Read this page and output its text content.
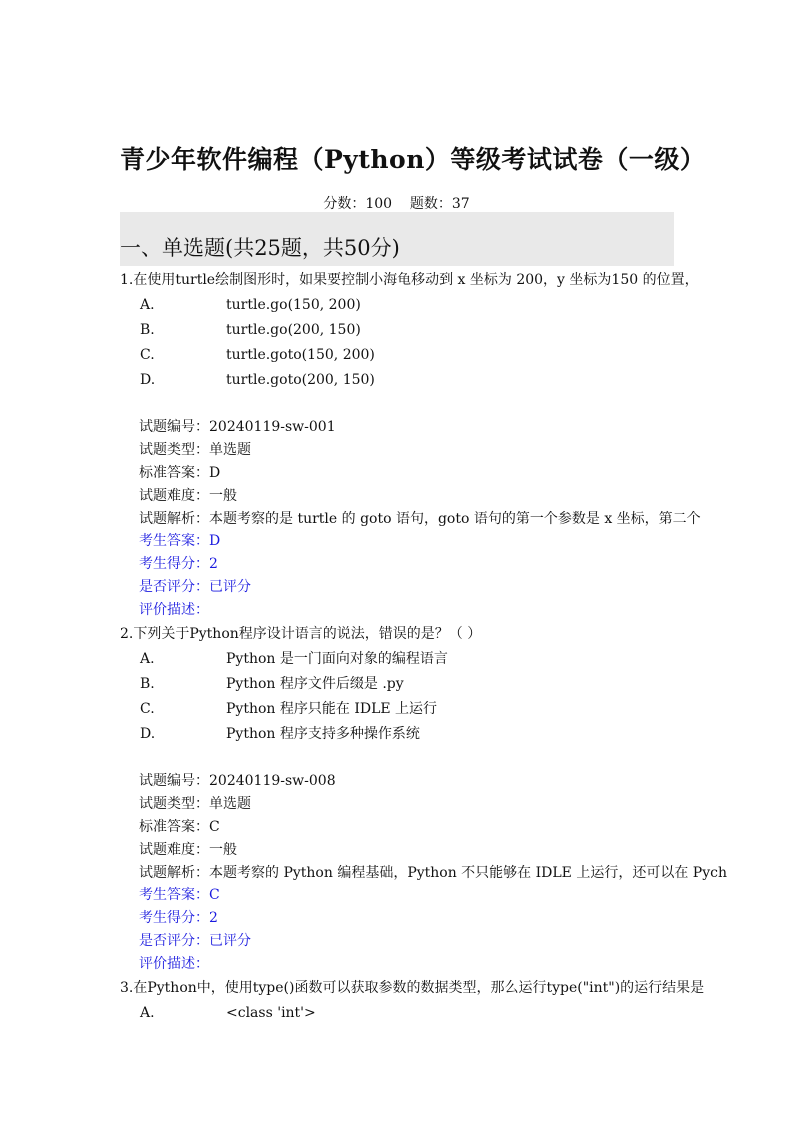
青少年软件编程（Python）等级考试试卷（一级）
分数：100    题数：37
一、单选题(共25题，共50分)
1.在使用turtle绘制图形时，如果要控制小海龟移动到 x 坐标为 200，y 坐标为150 的位置，
A.	turtle.go(150, 200)
B.	turtle.go(200, 150)
C.	turtle.goto(150, 200)
D.	turtle.goto(200, 150)
试题编号：20240119-sw-001
试题类型：单选题
标准答案：D
试题难度：一般
试题解析：本题考察的是 turtle 的 goto 语句，goto 语句的第一个参数是 x 坐标，第二个
考生答案：D
考生得分：2
是否评分：已评分
评价描述：
2.下列关于Python程序设计语言的说法，错误的是？（ ）
A.	Python 是一门面向对象的编程语言
B.	Python 程序文件后缀是 .py
C.	Python 程序只能在 IDLE 上运行
D.	Python 程序支持多种操作系统
试题编号：20240119-sw-008
试题类型：单选题
标准答案：C
试题难度：一般
试题解析：本题考察的 Python 编程基础，Python 不只能够在 IDLE 上运行，还可以在 Pych
考生答案：C
考生得分：2
是否评分：已评分
评价描述：
3.在Python中，使用type()函数可以获取参数的数据类型，那么运行type("int")的运行结果是
A.	<class 'int'>
